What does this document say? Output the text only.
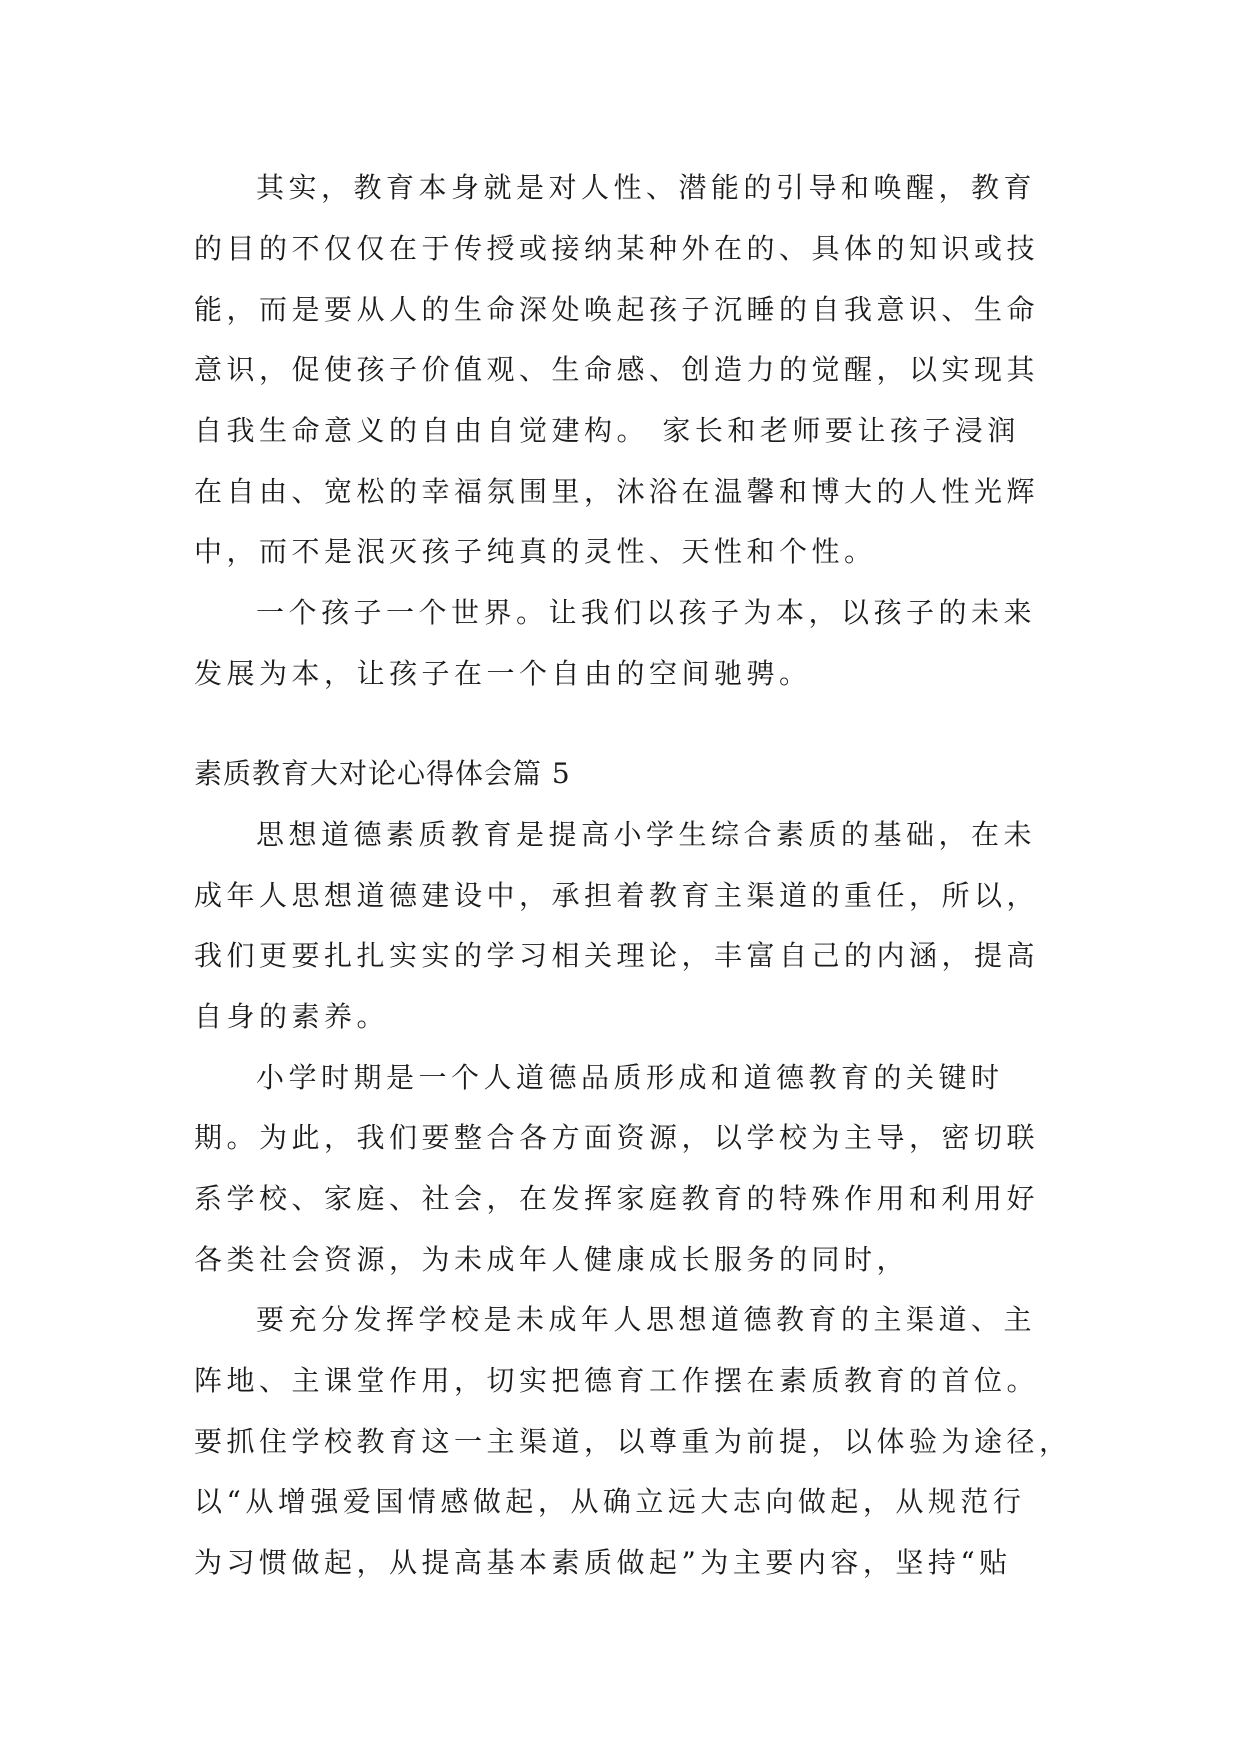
其实，教育本身就是对人性、潜能的引导和唤醒，教育
的目的不仅仅在于传授或接纳某种外在的、具体的知识或技
能，而是要从人的生命深处唤起孩子沉睡的自我意识、生命
意识，促使孩子价值观、生命感、创造力的觉醒，以实现其
自我生命意义的自由自觉建构。 家长和老师要让孩子浸润
在自由、宽松的幸福氛围里，沐浴在温馨和博大的人性光辉
中，而不是泯灭孩子纯真的灵性、天性和个性。
一个孩子一个世界。让我们以孩子为本，以孩子的未来
发展为本，让孩子在一个自由的空间驰骋。
素质教育大对论心得体会篇 5
思想道德素质教育是提高小学生综合素质的基础，在未
成年人思想道德建设中，承担着教育主渠道的重任，所以，
我们更要扎扎实实的学习相关理论，丰富自己的内涵，提高
自身的素养。
小学时期是一个人道德品质形成和道德教育的关键时
期。为此，我们要整合各方面资源，以学校为主导，密切联
系学校、家庭、社会，在发挥家庭教育的特殊作用和利用好
各类社会资源，为未成年人健康成长服务的同时，
要充分发挥学校是未成年人思想道德教育的主渠道、主
阵地、主课堂作用，切实把德育工作摆在素质教育的首位。
要抓住学校教育这一主渠道，以尊重为前提，以体验为途径，
以“从增强爱国情感做起，从确立远大志向做起，从规范行
为习惯做起，从提高基本素质做起”为主要内容，坚持“贴
